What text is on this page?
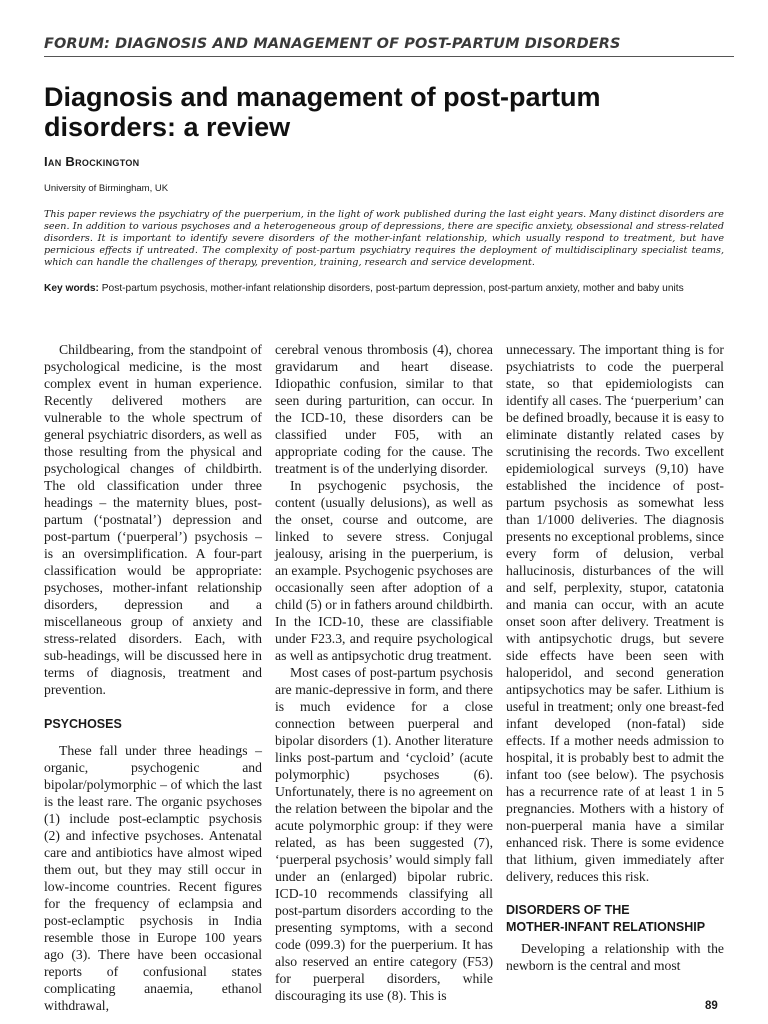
FORUM: DIAGNOSIS AND MANAGEMENT OF POST-PARTUM DISORDERS
Diagnosis and management of post-partum disorders: a review
Ian Brockington
University of Birmingham, UK

This paper reviews the psychiatry of the puerperium, in the light of work published during the last eight years. Many distinct disorders are seen. In addition to various psychoses and a heterogeneous group of depressions, there are specific anxiety, obsessional and stress-related disorders. It is important to identify severe disorders of the mother-infant relationship, which usually respond to treatment, but have pernicious effects if untreated. The complexity of post-partum psychiatry requires the deployment of multidisciplinary specialist teams, which can handle the challenges of therapy, prevention, training, research and service development.

Key words: Post-partum psychosis, mother-infant relationship disorders, post-partum depression, post-partum anxiety, mother and baby units

Childbearing, from the standpoint of psychological medicine, is the most complex event in human experience. Recently delivered mothers are vulnerable to the whole spectrum of general psychiatric disorders, as well as those resulting from the physical and psychological changes of childbirth. The old classification under three headings – the maternity blues, post-partum (‘postnatal’) depression and post-partum (‘puerperal’) psychosis – is an oversimplification. A four-part classification would be appropriate: psychoses, mother-infant relationship disorders, depression and a miscellaneous group of anxiety and stress-related disorders. Each, with sub-headings, will be discussed here in terms of diagnosis, treatment and prevention.

PSYCHOSES

These fall under three headings – organic, psychogenic and bipolar/polymorphic – of which the last is the least rare. The organic psychoses (1) include post-eclamptic psychosis (2) and infective psychoses. Antenatal care and antibiotics have almost wiped them out, but they may still occur in low-income countries. Recent figures for the frequency of eclampsia and post-eclamptic psychosis in India resemble those in Europe 100 years ago (3). There have been occasional reports of confusional states complicating anaemia, ethanol withdrawal,

cerebral venous thrombosis (4), chorea gravidarum and heart disease. Idiopathic confusion, similar to that seen during parturition, can occur. In the ICD-10, these disorders can be classified under F05, with an appropriate coding for the cause. The treatment is of the underlying disorder.

In psychogenic psychosis, the content (usually delusions), as well as the onset, course and outcome, are linked to severe stress. Conjugal jealousy, arising in the puerperium, is an example. Psychogenic psychoses are occasionally seen after adoption of a child (5) or in fathers around childbirth. In the ICD-10, these are classifiable under F23.3, and require psychological as well as antipsychotic drug treatment.

Most cases of post-partum psychosis are manic-depressive in form, and there is much evidence for a close connection between puerperal and bipolar disorders (1). Another literature links post-partum and ‘cycloid’ (acute polymorphic) psychoses (6). Unfortunately, there is no agreement on the relation between the bipolar and the acute polymorphic group: if they were related, as has been suggested (7), ‘puerperal psychosis’ would simply fall under an (enlarged) bipolar rubric. ICD-10 recommends classifying all post-partum disorders according to the presenting symptoms, with a second code (099.3) for the puerperium. It has also reserved an entire category (F53) for puerperal disorders, while discouraging its use (8). This is

unnecessary. The important thing is for psychiatrists to code the puerperal state, so that epidemiologists can identify all cases. The ‘puerperium’ can be defined broadly, because it is easy to eliminate distantly related cases by scrutinising the records. Two excellent epidemiological surveys (9,10) have established the incidence of post-partum psychosis as somewhat less than 1/1000 deliveries. The diagnosis presents no exceptional problems, since every form of delusion, verbal hallucinosis, disturbances of the will and self, perplexity, stupor, catatonia and mania can occur, with an acute onset soon after delivery. Treatment is with antipsychotic drugs, but severe side effects have been seen with haloperidol, and second generation antipsychotics may be safer. Lithium is useful in treatment; only one breast-fed infant developed (non-fatal) side effects. If a mother needs admission to hospital, it is probably best to admit the infant too (see below). The psychosis has a recurrence rate of at least 1 in 5 pregnancies. Mothers with a history of non-puerperal mania have a similar enhanced risk. There is some evidence that lithium, given immediately after delivery, reduces this risk.

DISORDERS OF THE
MOTHER-INFANT RELATIONSHIP

Developing a relationship with the newborn is the central and most

89
